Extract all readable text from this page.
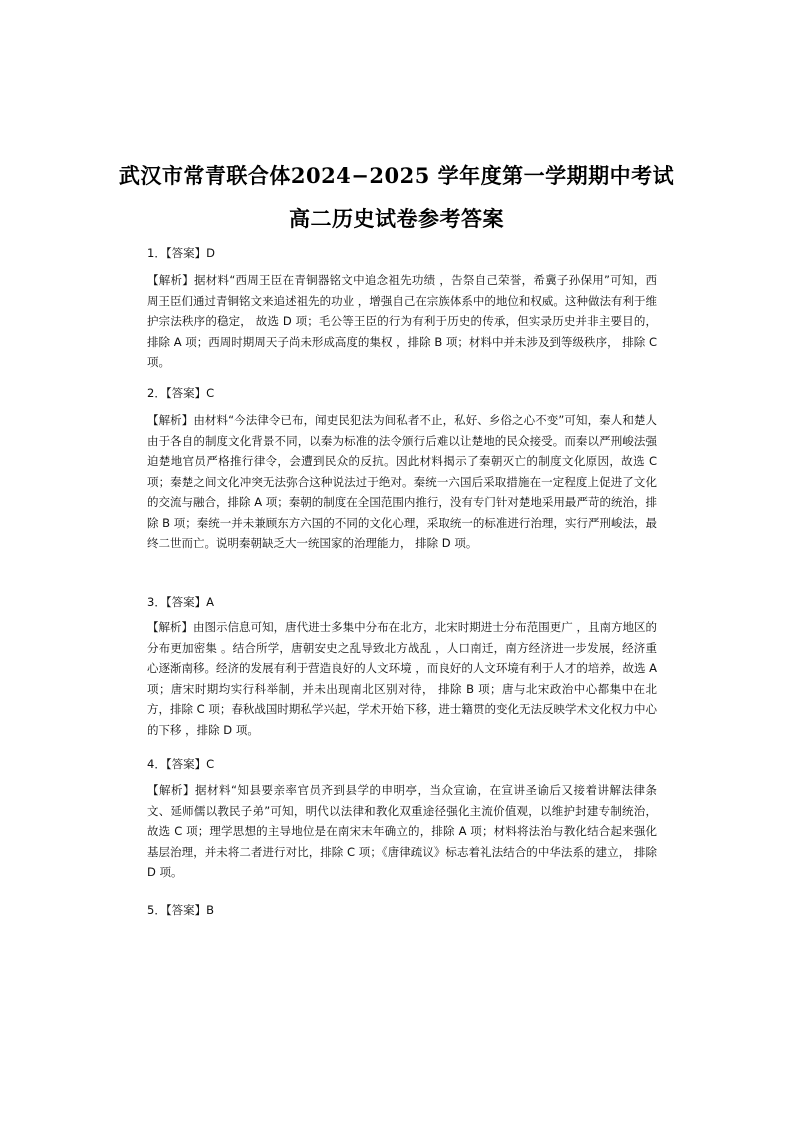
武汉市常青联合体2024−2025 学年度第一学期期中考试
高二历史试卷参考答案
1．【答案】D
【解析】据材料“西周王臣在青铜器铭文中追念祖先功绩 ，告祭自己荣誉，希冀子孙保用”可知，西周王臣们通过青铜铭文来追述祖先的功业 ，增强自己在宗族体系中的地位和权威。这种做法有利于维护宗法秩序的稳定， 故选 D 项；毛公等王臣的行为有利于历史的传承，但实录历史并非主要目的， 排除 A 项；西周时期周天子尚未形成高度的集权 ，排除 B 项；材料中并未涉及到等级秩序， 排除 C 项。
2．【答案】C
【解析】由材料“今法律令已布，闻吏民犯法为间私者不止，私好、乡俗之心不变”可知，秦人和楚人由于各自的制度文化背景不同，以秦为标准的法令颁行后难以让楚地的民众接受。而秦以严刑峻法强迫楚地官员严格推行律令，会遭到民众的反抗。因此材料揭示了秦朝灭亡的制度文化原因，故选 C 项；秦楚之间文化冲突无法弥合这种说法过于绝对。秦统一六国后采取措施在一定程度上促进了文化的交流与融合，排除 A 项；秦朝的制度在全国范围内推行，没有专门针对楚地采用最严苛的统治，排除 B 项；秦统一并未兼顾东方六国的不同的文化心理，采取统一的标准进行治理，实行严刑峻法，最终二世而亡。说明秦朝缺乏大一统国家的治理能力， 排除 D 项。
3．【答案】A
【解析】由图示信息可知，唐代进士多集中分布在北方，北宋时期进士分布范围更广 ，且南方地区的分布更加密集 。结合所学，唐朝安史之乱导致北方战乱 ，人口南迁，南方经济进一步发展，经济重心逐渐南移。经济的发展有利于营造良好的人文环境 ，而良好的人文环境有利于人才的培养，故选 A 项；唐宋时期均实行科举制，并未出现南北区别对待， 排除 B 项；唐与北宋政治中心都集中在北方，排除 C 项；春秋战国时期私学兴起，学术开始下移，进士籍贯的变化无法反映学术文化权力中心的下移 ，排除 D 项。
4．【答案】C
【解析】据材料“知县要亲率官员齐到县学的申明亭，当众宣谕，在宣讲圣谕后又接着讲解法律条文、延师儒以教民子弟”可知，明代以法律和教化双重途径强化主流价值观，以维护封建专制统治，故选 C 项；理学思想的主导地位是在南宋末年确立的，排除 A 项；材料将法治与教化结合起来强化基层治理，并未将二者进行对比，排除 C 项；《唐律疏议》标志着礼法结合的中华法系的建立， 排除 D 项。
5．【答案】B
